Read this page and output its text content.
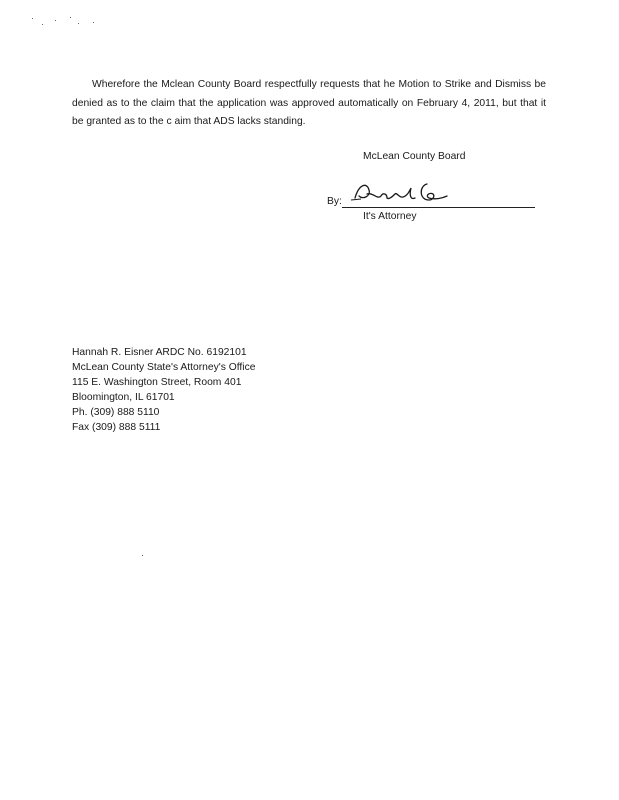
Wherefore the Mclean County Board respectfully requests that he Motion to Strike and Dismiss be denied as to the claim that the application was approved automatically on February 4, 2011, but that it be granted as to the c aim that ADS lacks standing.

McLean County Board
By:
It's Attorney
Hannah R. Eisner ARDC No. 6192101
McLean County State's Attorney's Office
115 E. Washington Street, Room 401
Bloomington, IL 61701
Ph. (309) 888 5110
Fax (309) 888 5111
